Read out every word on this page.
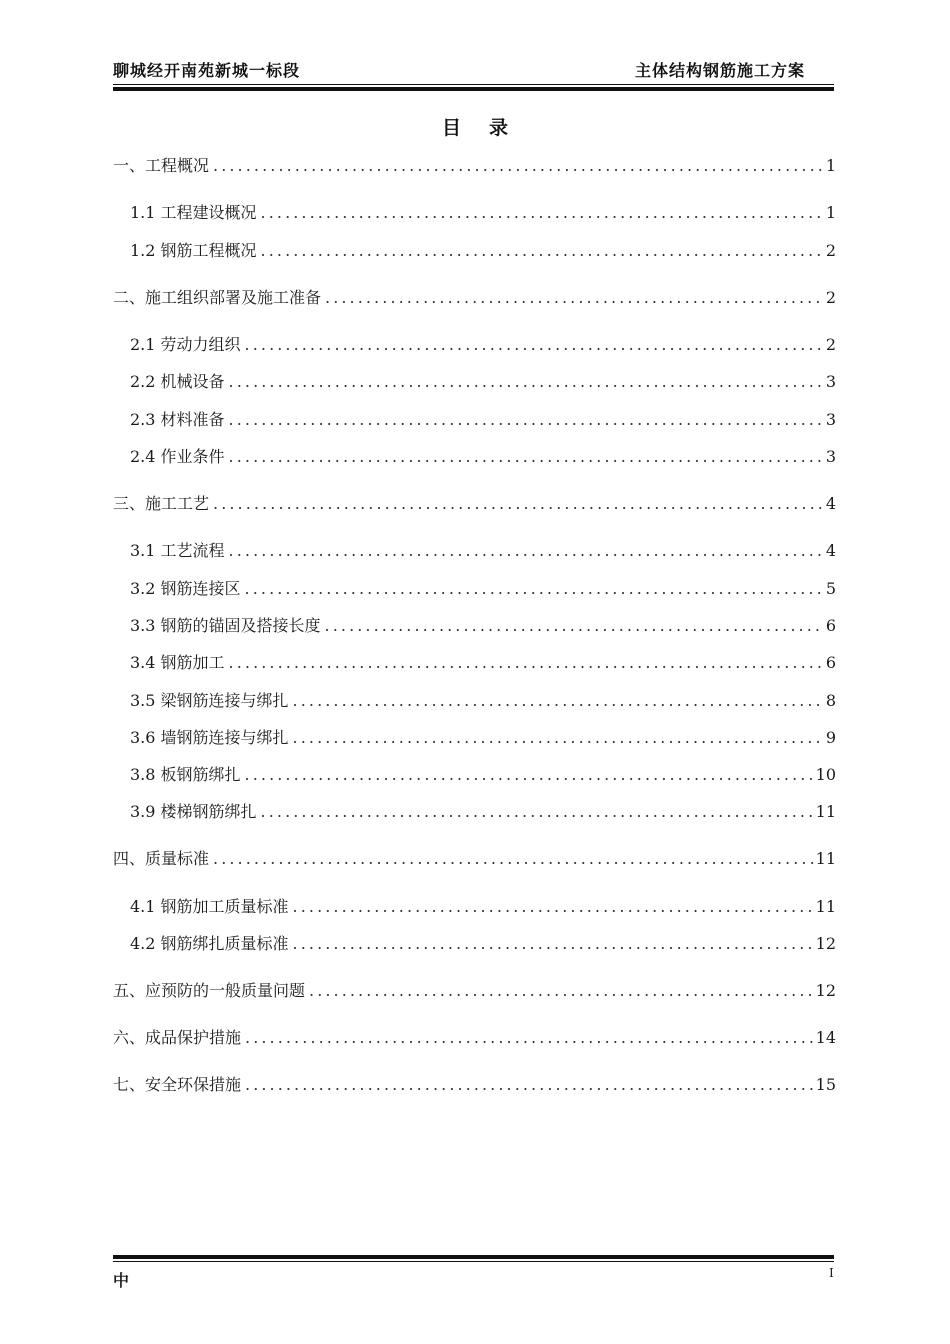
聊城经开南苑新城一标段	主体结构钢筋施工方案
目录
一、 工程概况 . . .	1
1.1 工程建设概况 . . .	1
1.2 钢筋工程概况 . . .	2
二、施工组织部署及施工准备 . . .	2
2.1 劳动力组织 . . .	2
2.2 机械设备 . . .	3
2.3 材料准备 . . .	3
2.4 作业条件 . . .	3
三、施工工艺 . . .	4
3.1 工艺流程 . . .	4
3.2 钢筋连接区 . . .	5
3.3 钢筋的锚固及搭接长度 . . .	6
3.4 钢筋加工 . . .	6
3.5 梁钢筋连接与绑扎 . . .	8
3.6 墙钢筋连接与绑扎 . . .	9
3.8 板钢筋绑扎 . . .	10
3.9 楼梯钢筋绑扎 . . .	11
四、质量标准 . . .	11
4.1 钢筋加工质量标准 . . .	11
4.2 钢筋绑扎质量标准 . . .	12
五、应预防的一般质量问题 . . .	12
六、成品保护措施 . . .	14
七、安全环保措施 . . .	15
中	I
